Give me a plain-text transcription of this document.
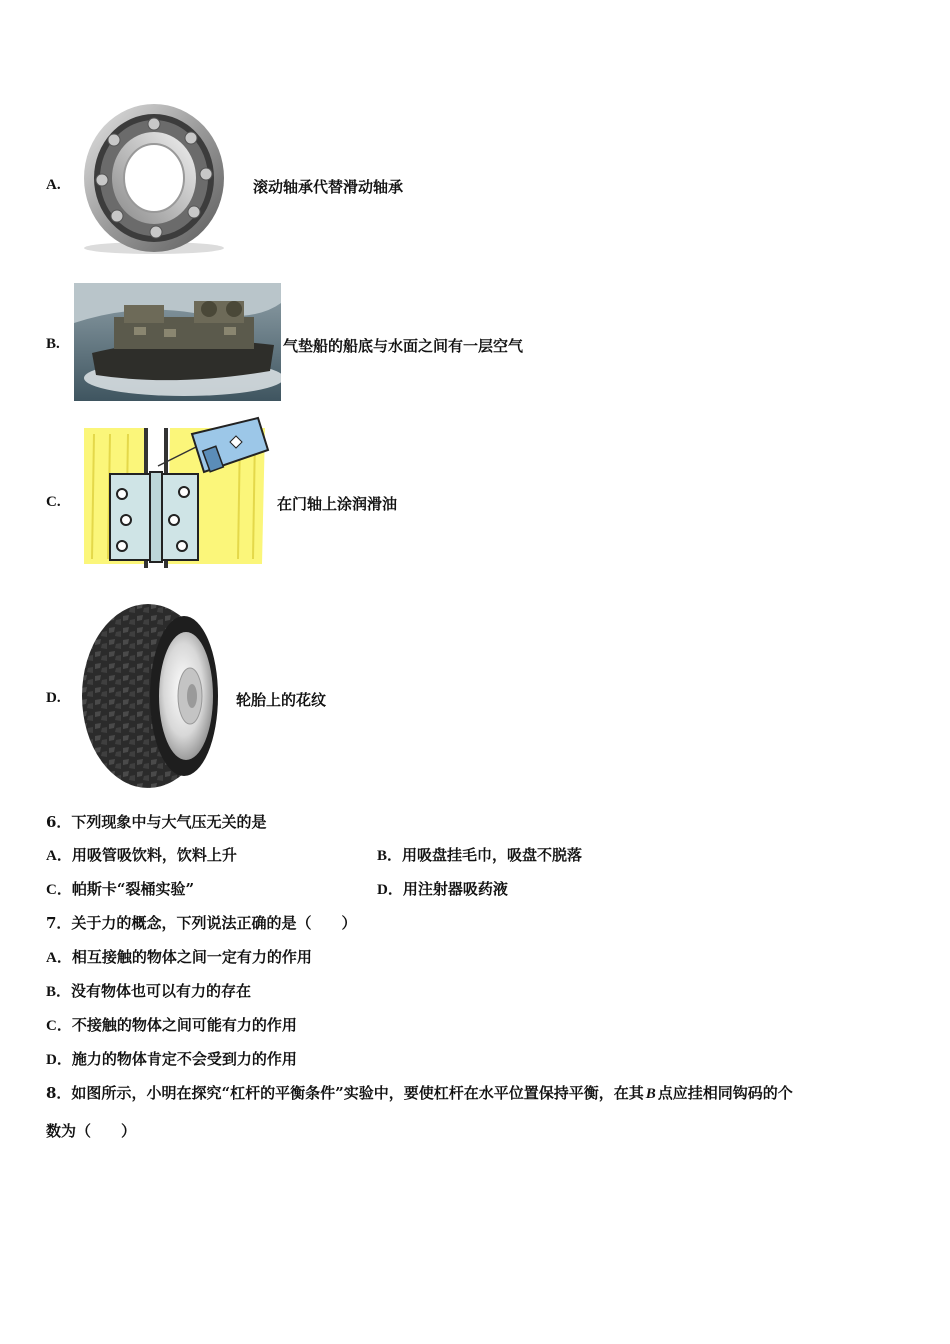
A.	滚动轴承代替滑动轴承
B.	气垫船的船底与水面之间有一层空气
C.	在门轴上涂润滑油
D.	轮胎上的花纹
6．下列现象中与大气压无关的是
A．用吸管吸饮料，饮料上升	B．用吸盘挂毛巾，吸盘不脱落
C．帕斯卡“裂桶实验”	D．用注射器吸药液
7．关于力的概念，下列说法正确的是（　　）
A．相互接触的物体之间一定有力的作用
B．没有物体也可以有力的存在
C．不接触的物体之间可能有力的作用
D．施力的物体肯定不会受到力的作用
8．如图所示，小明在探究“杠杆的平衡条件”实验中，要使杠杆在水平位置保持平衡，在其 B 点应挂相同钩码的个
数为（　　）
